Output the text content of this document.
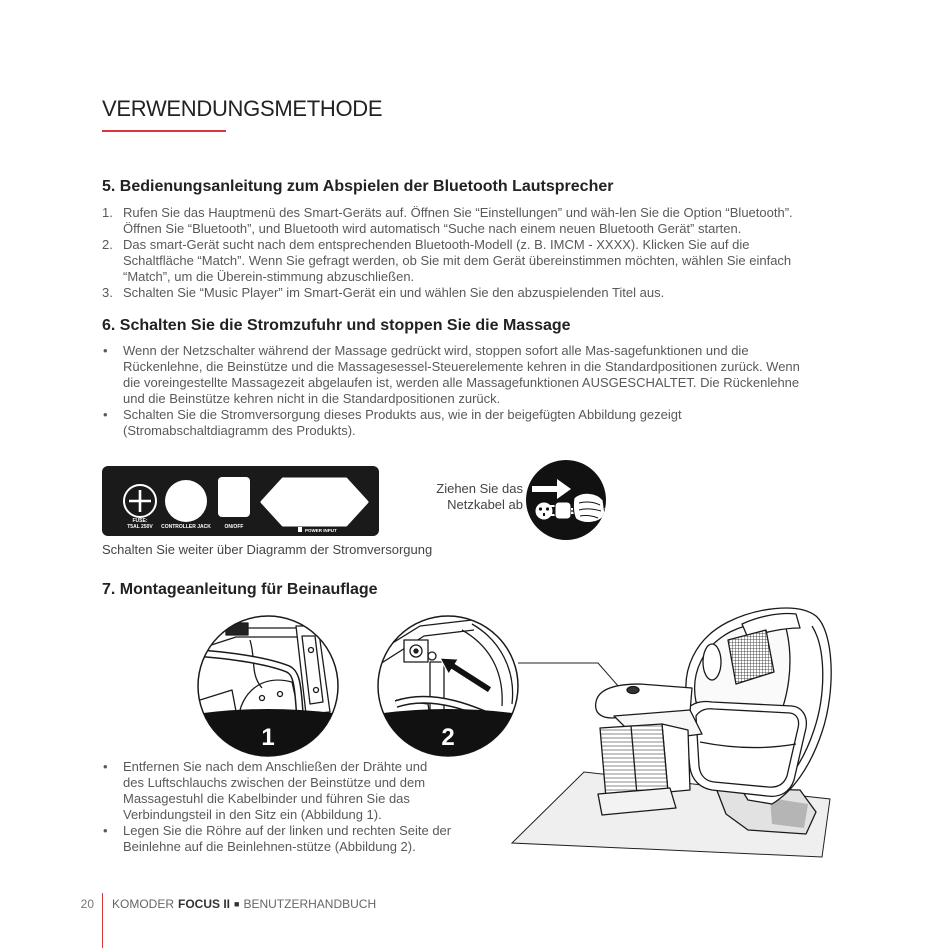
VERWENDUNGSMETHODE
5. Bedienungsanleitung zum Abspielen der Bluetooth Lautsprecher
1. Rufen Sie das Hauptmenü des Smart-Geräts auf. Öffnen Sie “Einstellungen” und wäh-len Sie die Option “Bluetooth”.
Öffnen Sie “Bluetooth”, und Bluetooth wird automatisch “Suche nach einem neuen Bluetooth Gerät” starten.
2. Das smart-Gerät sucht nach dem entsprechenden Bluetooth-Modell (z. B. IMCM - XXXX). Klicken Sie auf die
Schaltfläche “Match”. Wenn Sie gefragt werden, ob Sie mit dem Gerät übereinstimmen möchten, wählen Sie einfach
“Match”, um die Überein-stimmung abzuschließen.
3. Schalten Sie “Music Player” im Smart-Gerät ein und wählen Sie den abzuspielenden Titel aus.
6. Schalten Sie die Stromzufuhr und stoppen Sie die Massage
• Wenn der Netzschalter während der Massage gedrückt wird, stoppen sofort alle Mas-sagefunktionen und die
Rückenlehne, die Beinstütze und die Massagesessel-Steuerelemente kehren in die Standardpositionen zurück. Wenn
die voreingestellte Massagezeit abgelaufen ist, werden alle Massagefunktionen AUSGESCHALTET. Die Rückenlehne
und die Beinstütze kehren nicht in die Standardpositionen zurück.
• Schalten Sie die Stromversorgung dieses Produkts aus, wie in der beigefügten Abbildung gezeigt
(Stromabschaltdiagramm des Produkts).
FUSE:
T5AL 250V CONTROLLER JACK	ON/OFF
POWER INPUT
Schalten Sie weiter über Diagramm der Stromversorgung
Ziehen Sie das
Netzkabel ab
7. Montageanleitung für Beinauflage
1	2
• Entfernen Sie nach dem Anschließen der Drähte und
des Luftschlauchs zwischen der Beinstütze und dem
Massagestuhl die Kabelbinder und führen Sie das
Verbindungsteil in den Sitz ein (Abbildung 1).
• Legen Sie die Röhre auf der linken und rechten Seite der
Beinlehne auf die Beinlehnen-stütze (Abbildung 2).
20 KOMODER FOCUS II ■ BENUTZERHANDBUCH
